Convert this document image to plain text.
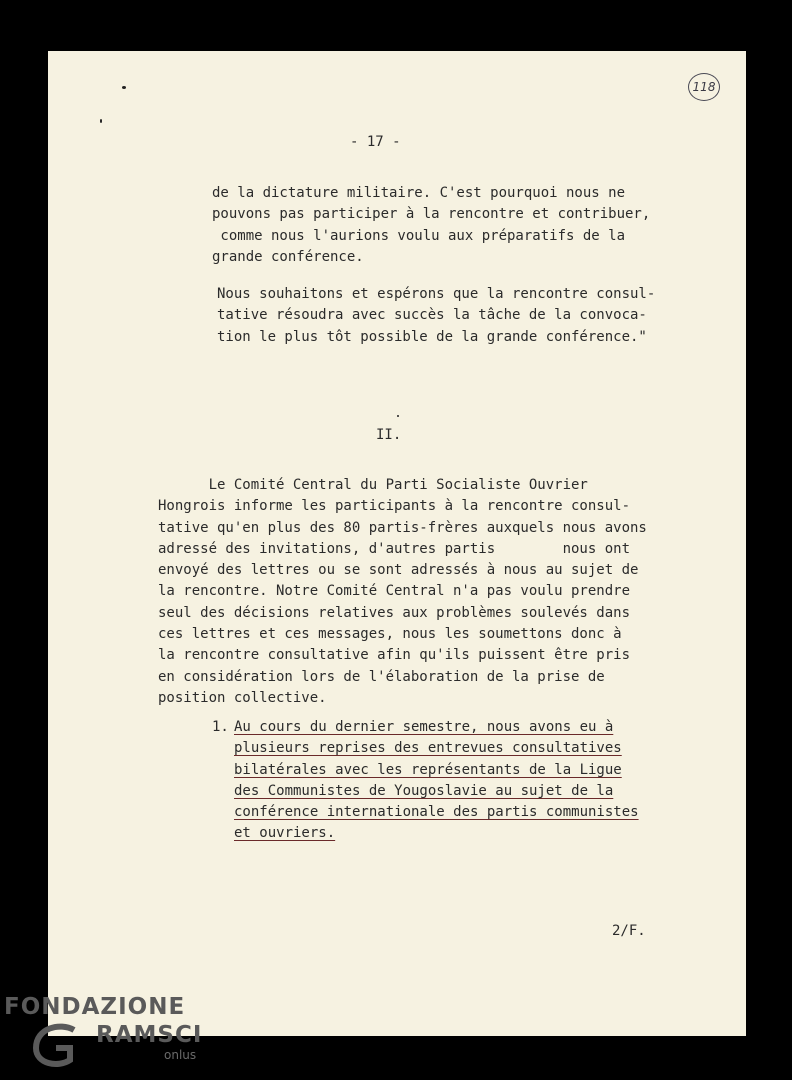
118
- 17 -
de la dictature militaire. C'est pourquoi nous ne
pouvons pas participer à la rencontre et contribuer,
comme nous l'aurions voulu aux préparatifs de la
grande conférence.
Nous souhaitons et espérons que la rencontre consul-
tative résoudra avec succès la tâche de la convoca-
tion le plus tôt possible de la grande conférence."
II.
Le Comité Central du Parti Socialiste Ouvrier
Hongrois informe les participants à la rencontre consul-
tative qu'en plus des 80 partis-frères auxquels nous avons
adressé des invitations, d'autres partis        nous ont
envoyé des lettres ou se sont adressés à nous au sujet de
la rencontre. Notre Comité Central n'a pas voulu prendre
seul des décisions relatives aux problèmes soulevés dans
ces lettres et ces messages, nous les soumettons donc à
la rencontre consultative afin qu'ils puissent être pris
en considération lors de l'élaboration de la prise de
position collective.
1. Au cours du dernier semestre, nous avons eu à
plusieurs reprises des entrevues consultatives
bilatérales avec les représentants de la Ligue
des Communistes de Yougoslavie au sujet de la
conférence internationale des partis communistes
et ouvriers.
2/F.
FONDAZIONE
RAMSCI
onlus
